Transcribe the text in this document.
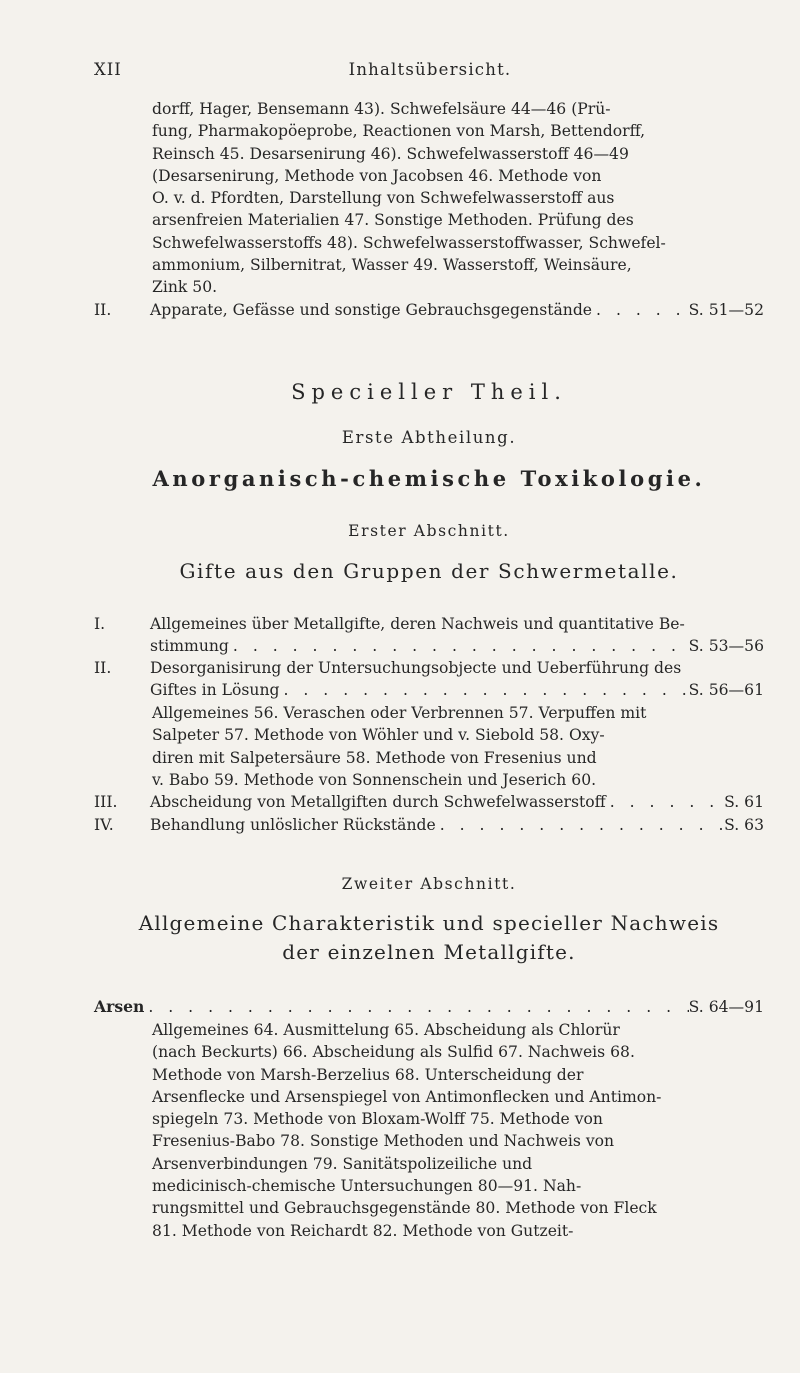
XII	Inhaltsübersicht.
dorff, Hager, Bensemann 43). Schwefelsäure 44—46 (Prü-
fung, Pharmakopöeprobe, Reactionen von Marsh, Bettendorff,
Reinsch 45. Desarsenirung 46). Schwefelwasserstoff 46—49
(Desarsenirung, Methode von Jacobsen 46. Methode von
O. v. d. Pfordten, Darstellung von Schwefelwasserstoff aus
arsenfreien Materialien 47. Sonstige Methoden. Prüfung des
Schwefelwasserstoffs 48). Schwefelwasserstoffwasser, Schwefel-
ammonium, Silbernitrat, Wasser 49. Wasserstoff, Weinsäure,
Zink 50.
II.	Apparate, Gefässe und sonstige Gebrauchsgegenstände . . .	S. 51—52
Specieller Theil.
Erste Abtheilung.
Anorganisch-chemische Toxikologie.
Erster Abschnitt.
Gifte aus den Gruppen der Schwermetalle.
I.	Allgemeines über Metallgifte, deren Nachweis und quantitative Be-
stimmung . . .	S. 53—56
II.	Desorganisirung der Untersuchungsobjecte und Ueberführung des
Giftes in Lösung . . .	S. 56—61
Allgemeines 56. Veraschen oder Verbrennen 57. Verpuffen mit
Salpeter 57. Methode von Wöhler und v. Siebold 58. Oxy-
diren mit Salpetersäure 58. Methode von Fresenius und
v. Babo 59. Methode von Sonnenschein und Jeserich 60.
III.	Abscheidung von Metallgiften durch Schwefelwasserstoff . . .	S. 61
IV.	Behandlung unlöslicher Rückstände . . .	S. 63
Zweiter Abschnitt.
Allgemeine Charakteristik und specieller Nachweis
der einzelnen Metallgifte.
Arsen . . .	S. 64—91
Allgemeines 64. Ausmittelung 65. Abscheidung als Chlorür
(nach Beckurts) 66. Abscheidung als Sulfid 67. Nachweis 68.
Methode von Marsh-Berzelius 68. Unterscheidung der
Arsenflecke und Arsenspiegel von Antimonflecken und Antimon-
spiegeln 73. Methode von Bloxam-Wolff 75. Methode von
Fresenius-Babo 78. Sonstige Methoden und Nachweis von
Arsenverbindungen 79. Sanitätspolizeiliche und
medicinisch-chemische Untersuchungen 80—91. Nah-
rungsmittel und Gebrauchsgegenstände 80. Methode von Fleck
81. Methode von Reichardt 82. Methode von Gutzeit-
